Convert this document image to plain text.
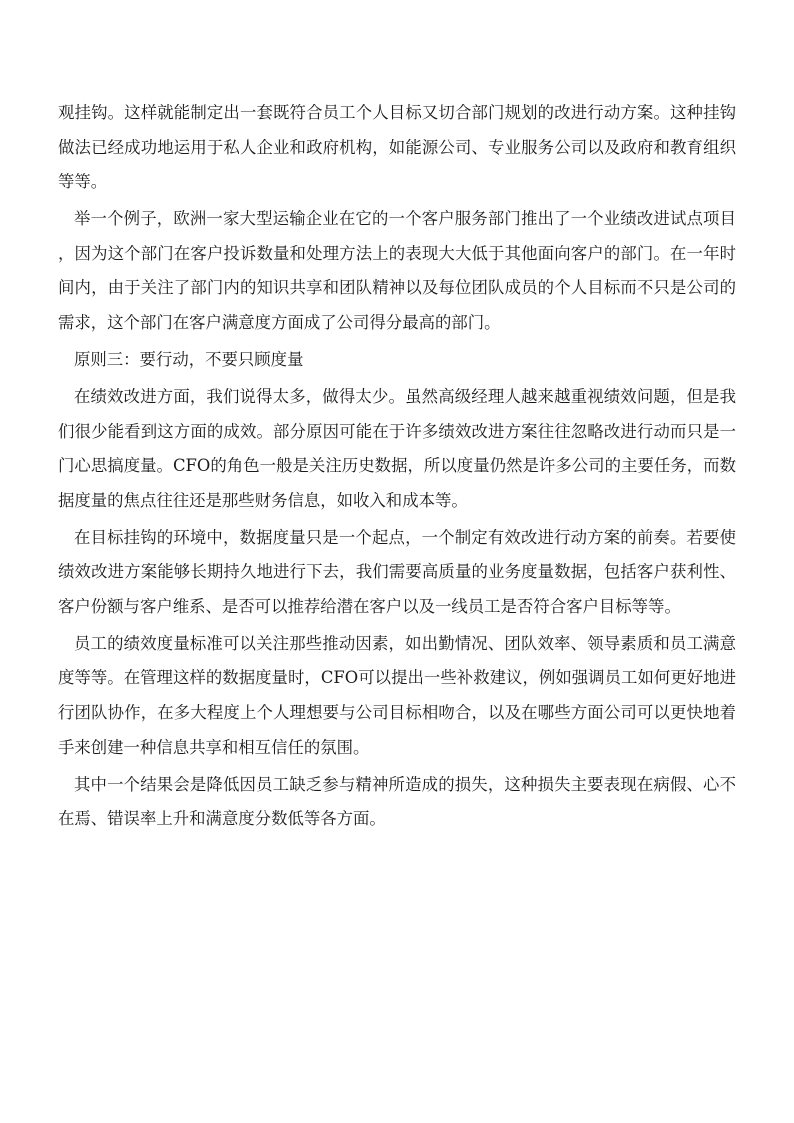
观挂钩。这样就能制定出一套既符合员工个人目标又切合部门规划的改进行动方案。这种挂钩做法已经成功地运用于私人企业和政府机构，如能源公司、专业服务公司以及政府和教育组织等等。

举一个例子，欧洲一家大型运输企业在它的一个客户服务部门推出了一个业绩改进试点项目，因为这个部门在客户投诉数量和处理方法上的表现大大低于其他面向客户的部门。在一年时间内，由于关注了部门内的知识共享和团队精神以及每位团队成员的个人目标而不只是公司的需求，这个部门在客户满意度方面成了公司得分最高的部门。

原则三：要行动，不要只顾度量

在绩效改进方面，我们说得太多，做得太少。虽然高级经理人越来越重视绩效问题，但是我们很少能看到这方面的成效。部分原因可能在于许多绩效改进方案往往忽略改进行动而只是一门心思搞度量。CFO的角色一般是关注历史数据，所以度量仍然是许多公司的主要任务，而数据度量的焦点往往还是那些财务信息，如收入和成本等。

在目标挂钩的环境中，数据度量只是一个起点，一个制定有效改进行动方案的前奏。若要使绩效改进方案能够长期持久地进行下去，我们需要高质量的业务度量数据，包括客户获利性、客户份额与客户维系、是否可以推荐给潜在客户以及一线员工是否符合客户目标等等。

员工的绩效度量标准可以关注那些推动因素，如出勤情况、团队效率、领导素质和员工满意度等等。在管理这样的数据度量时，CFO可以提出一些补救建议，例如强调员工如何更好地进行团队协作，在多大程度上个人理想要与公司目标相吻合，以及在哪些方面公司可以更快地着手来创建一种信息共享和相互信任的氛围。

其中一个结果会是降低因员工缺乏参与精神所造成的损失，这种损失主要表现在病假、心不在焉、错误率上升和满意度分数低等各方面。
